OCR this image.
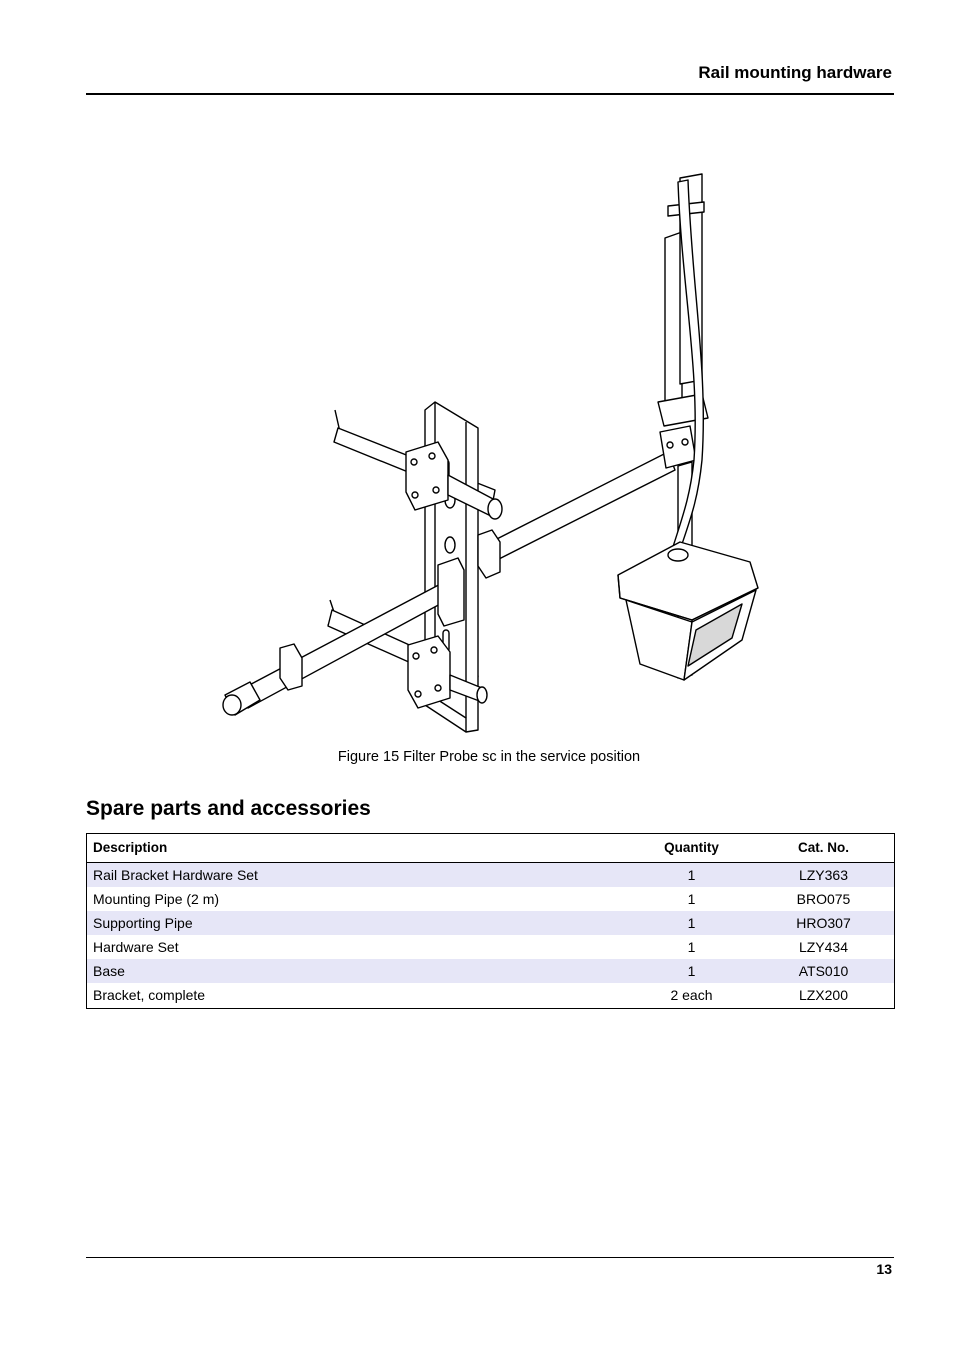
Rail mounting hardware
Figure 15 Filter Probe sc in the service position
Spare parts and accessories
Description	Quantity	Cat. No.
Rail Bracket Hardware Set	1	LZY363
Mounting Pipe (2 m)	1	BRO075
Supporting Pipe	1	HRO307
Hardware Set	1	LZY434
Base	1	ATS010
Bracket, complete	2 each	LZX200
13
